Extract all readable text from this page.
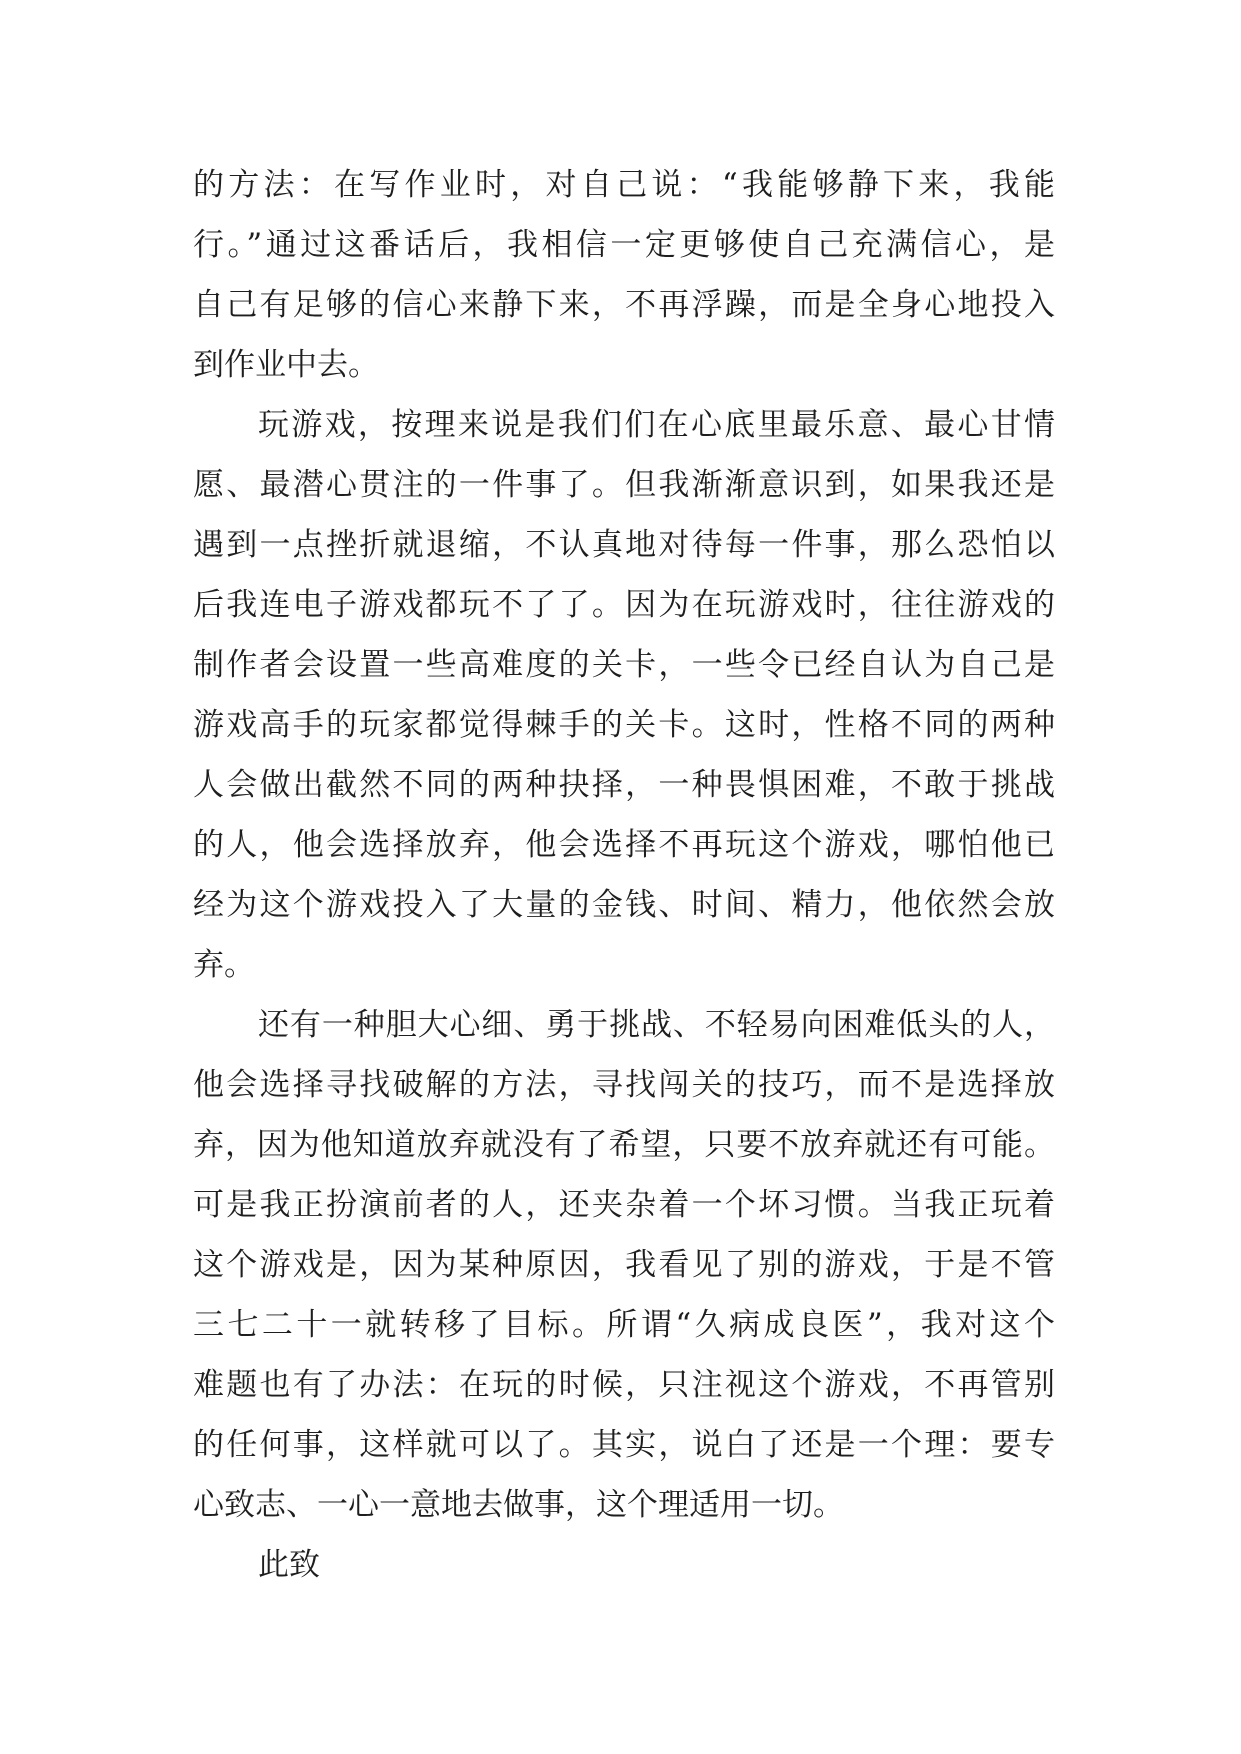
的方法：在写作业时，对自己说：“我能够静下来，我能
行。”通过这番话后，我相信一定更够使自己充满信心，是
自己有足够的信心来静下来，不再浮躁，而是全身心地投入
到作业中去。
玩游戏，按理来说是我们们在心底里最乐意、最心甘情
愿、最潜心贯注的一件事了。但我渐渐意识到，如果我还是
遇到一点挫折就退缩，不认真地对待每一件事，那么恐怕以
后我连电子游戏都玩不了了。因为在玩游戏时，往往游戏的
制作者会设置一些高难度的关卡，一些令已经自认为自己是
游戏高手的玩家都觉得棘手的关卡。这时，性格不同的两种
人会做出截然不同的两种抉择，一种畏惧困难，不敢于挑战
的人，他会选择放弃，他会选择不再玩这个游戏，哪怕他已
经为这个游戏投入了大量的金钱、时间、精力，他依然会放
弃。
还有一种胆大心细、勇于挑战、不轻易向困难低头的人，
他会选择寻找破解的方法，寻找闯关的技巧，而不是选择放
弃，因为他知道放弃就没有了希望，只要不放弃就还有可能。
可是我正扮演前者的人，还夹杂着一个坏习惯。当我正玩着
这个游戏是，因为某种原因，我看见了别的游戏，于是不管
三七二十一就转移了目标。所谓“久病成良医”，我对这个
难题也有了办法：在玩的时候，只注视这个游戏，不再管别
的任何事，这样就可以了。其实，说白了还是一个理：要专
心致志、一心一意地去做事，这个理适用一切。
此致
